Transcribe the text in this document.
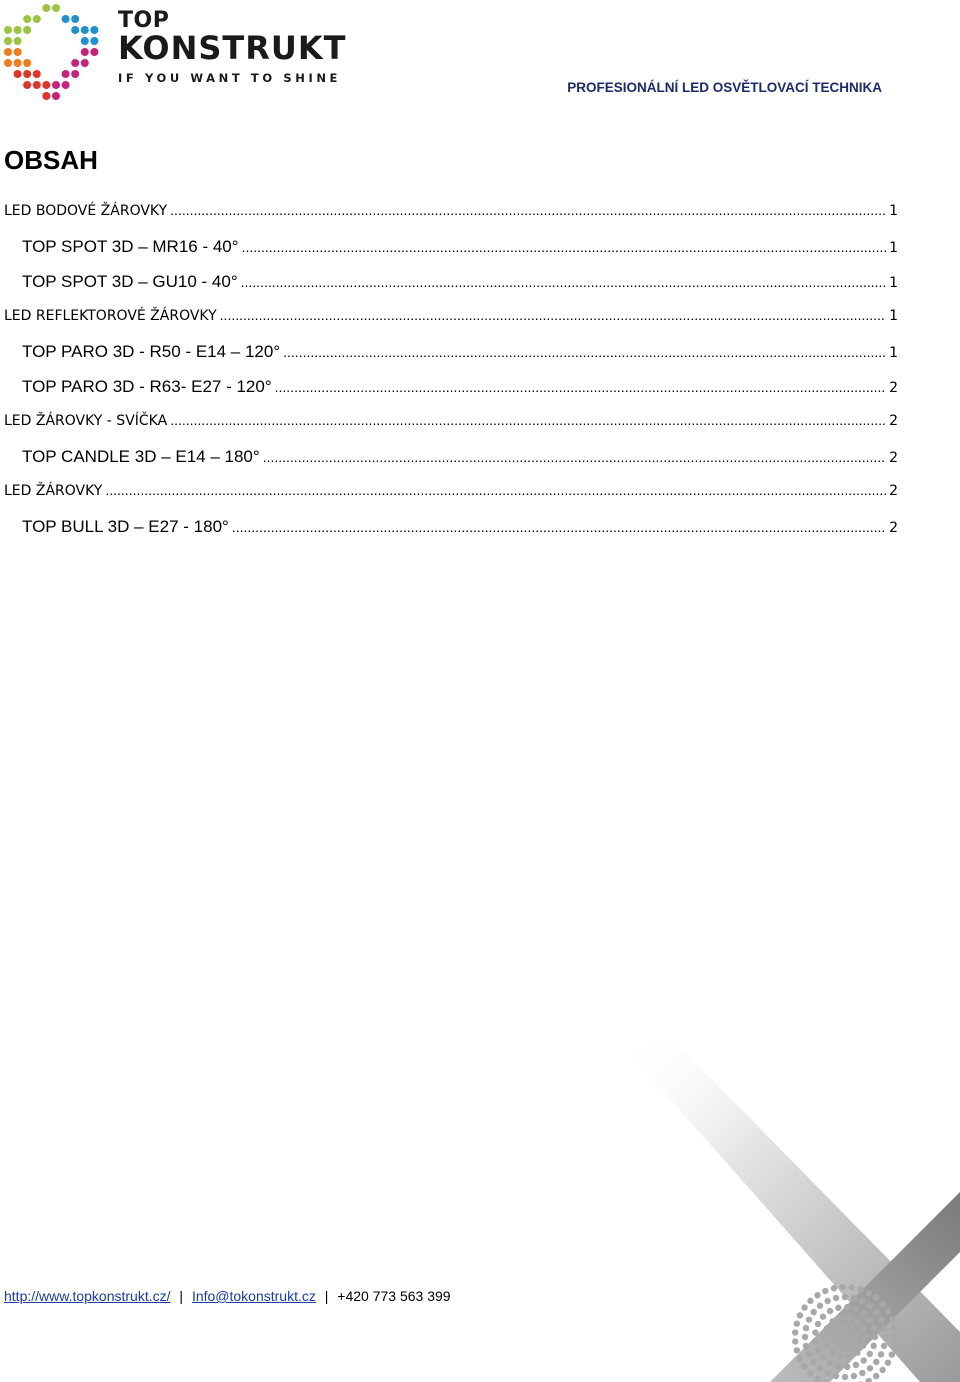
TOP
KONSTRUKT
IF YOU WANT TO SHINE
PROFESIONÁLNÍ LED OSVĚTLOVACÍ TECHNIKA
OBSAH
LED BODOVÉ ŽÁROVKY .....	1
TOP SPOT 3D – MR16 - 40° .....	1
TOP SPOT 3D – GU10 - 40° .....	1
LED REFLEKTOROVÉ ŽÁROVKY .....	1
TOP PARO 3D - R50 - E14 – 120° .....	1
TOP PARO 3D - R63- E27 - 120° .....	2
LED ŽÁROVKY - SVÍČKA .....	2
TOP CANDLE 3D – E14 – 180° .....	2
LED ŽÁROVKY .....	2
TOP BULL 3D – E27 - 180° .....	2
http://www.topkonstrukt.cz/ | Info@tokonstrukt.cz | +420 773 563 399
